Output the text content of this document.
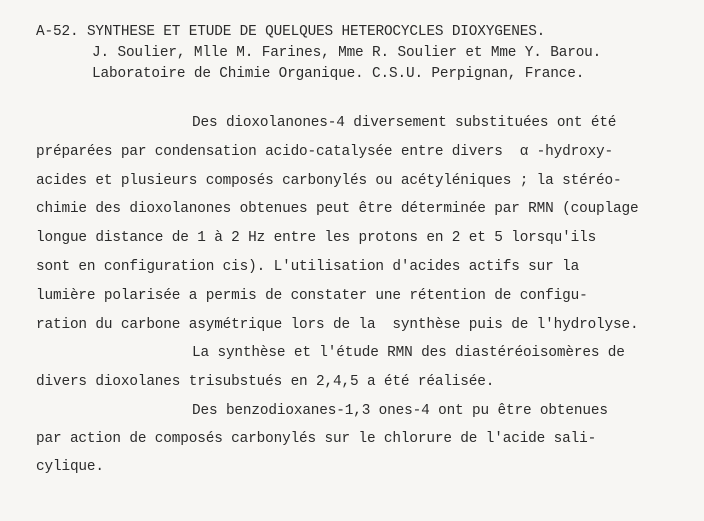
A-52. SYNTHESE ET ETUDE DE QUELQUES HETEROCYCLES DIOXYGENES.
J. Soulier, Mlle M. Farines, Mme R. Soulier et Mme Y. Barou.
Laboratoire de Chimie Organique. C.S.U. Perpignan, France.
Des dioxolanones-4 diversement substituées ont été
préparées par condensation acido-catalysée entre divers  α -hydroxy-
acides et plusieurs composés carbonylés ou acétyléniques ; la stéréo-
chimie des dioxolanones obtenues peut être déterminée par RMN (couplage
longue distance de 1 à 2 Hz entre les protons en 2 et 5 lorsqu'ils
sont en configuration cis). L'utilisation d'acides actifs sur la
lumière polarisée a permis de constater une rétention de configu-
ration du carbone asymétrique lors de la  synthèse puis de l'hydrolyse.
La synthèse et l'étude RMN des diastéréoisomères de
divers dioxolanes trisubstués en 2,4,5 a été réalisée.
Des benzodioxanes-1,3 ones-4 ont pu être obtenues
par action de composés carbonylés sur le chlorure de l'acide sali-
cylique.
